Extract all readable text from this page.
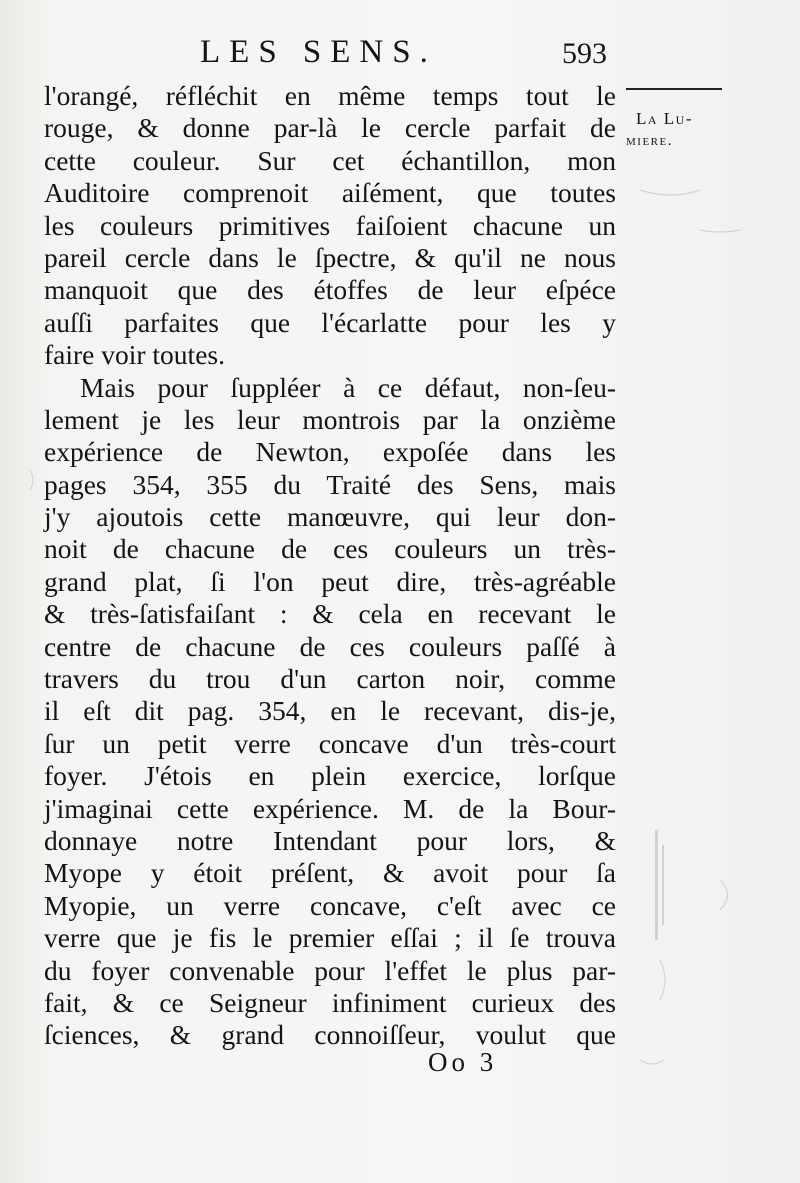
LES SENS.	593
l'orangé, réfléchit en même temps tout le
rouge, & donne par-là le cercle parfait de
cette couleur. Sur cet échantillon, mon
Auditoire comprenoit aiſément, que toutes
les couleurs primitives faiſoient chacune un
pareil cercle dans le ſpectre, & qu'il ne nous
manquoit que des étoffes de leur eſpéce
auſſi parfaites que l'écarlatte pour les y
faire voir toutes.
Mais pour ſuppléer à ce défaut, non-ſeu-
lement je les leur montrois par la onzième
expérience de Newton, expoſée dans les
pages 354, 355 du Traité des Sens, mais
j'y ajoutois cette manœuvre, qui leur don-
noit de chacune de ces couleurs un très-
grand plat, ſi l'on peut dire, très-agréable
& très-ſatisfaiſant : & cela en recevant le
centre de chacune de ces couleurs paſſé à
travers du trou d'un carton noir, comme
il eſt dit pag. 354, en le recevant, dis-je,
ſur un petit verre concave d'un très-court
foyer. J'étois en plein exercice, lorſque
j'imaginai cette expérience. M. de la Bour-
donnaye notre Intendant pour lors, &
Myope y étoit préſent, & avoit pour ſa
Myopie, un verre concave, c'eſt avec ce
verre que je fis le premier eſſai ; il ſe trouva
du foyer convenable pour l'effet le plus par-
fait, & ce Seigneur infiniment curieux des
ſciences, & grand connoiſſeur, voulut que
La Lu-
miere.
Oo 3
